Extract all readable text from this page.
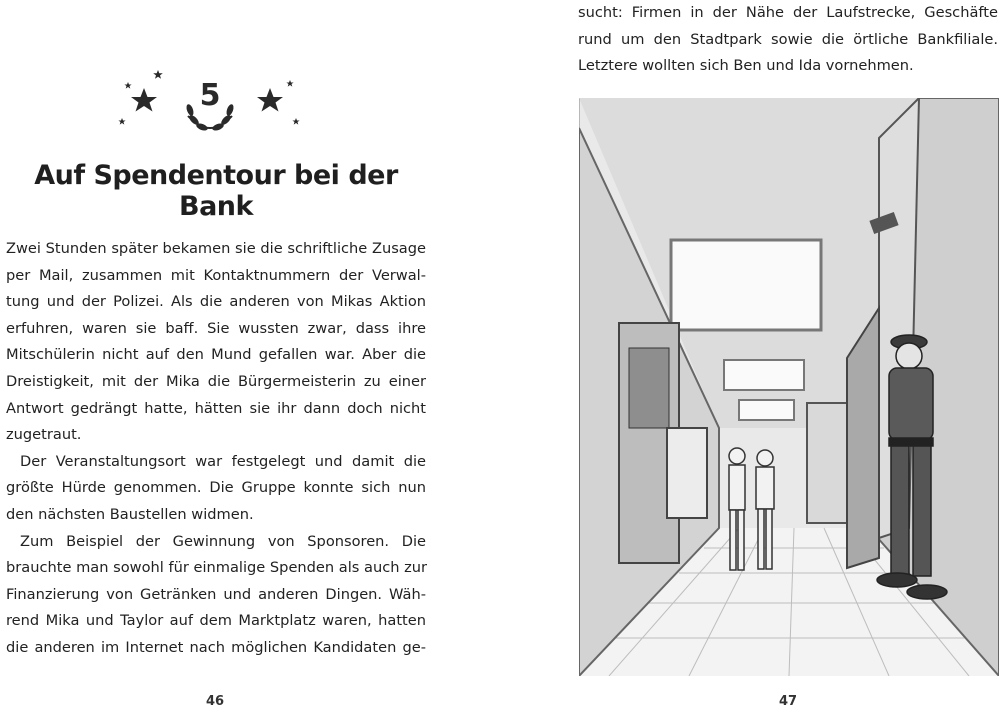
5
Auf Spendentour bei der Bank
Zwei Stunden später bekamen sie die schriftliche Zusage
per Mail, zusammen mit Kontaktnummern der Verwal-
tung und der Polizei. Als die anderen von Mikas Aktion
erfuhren, waren sie baff. Sie wussten zwar, dass ihre
Mitschülerin nicht auf den Mund gefallen war. Aber die
Dreistigkeit, mit der Mika die Bürgermeisterin zu einer
Antwort gedrängt hatte, hätten sie ihr dann doch nicht
zugetraut.
Der Veranstaltungsort war festgelegt und damit die
größte Hürde genommen. Die Gruppe konnte sich nun
den nächsten Baustellen widmen.
Zum Beispiel der Gewinnung von Sponsoren. Die
brauchte man sowohl für einmalige Spenden als auch zur
Finanzierung von Getränken und anderen Dingen. Wäh-
rend Mika und Taylor auf dem Marktplatz waren, hatten
die anderen im Internet nach möglichen Kandidaten ge-
46
sucht: Firmen in der Nähe der Laufstrecke, Geschäfte
rund um den Stadtpark sowie die örtliche Bankfiliale.
Letztere wollten sich Ben und Ida vornehmen.
47
